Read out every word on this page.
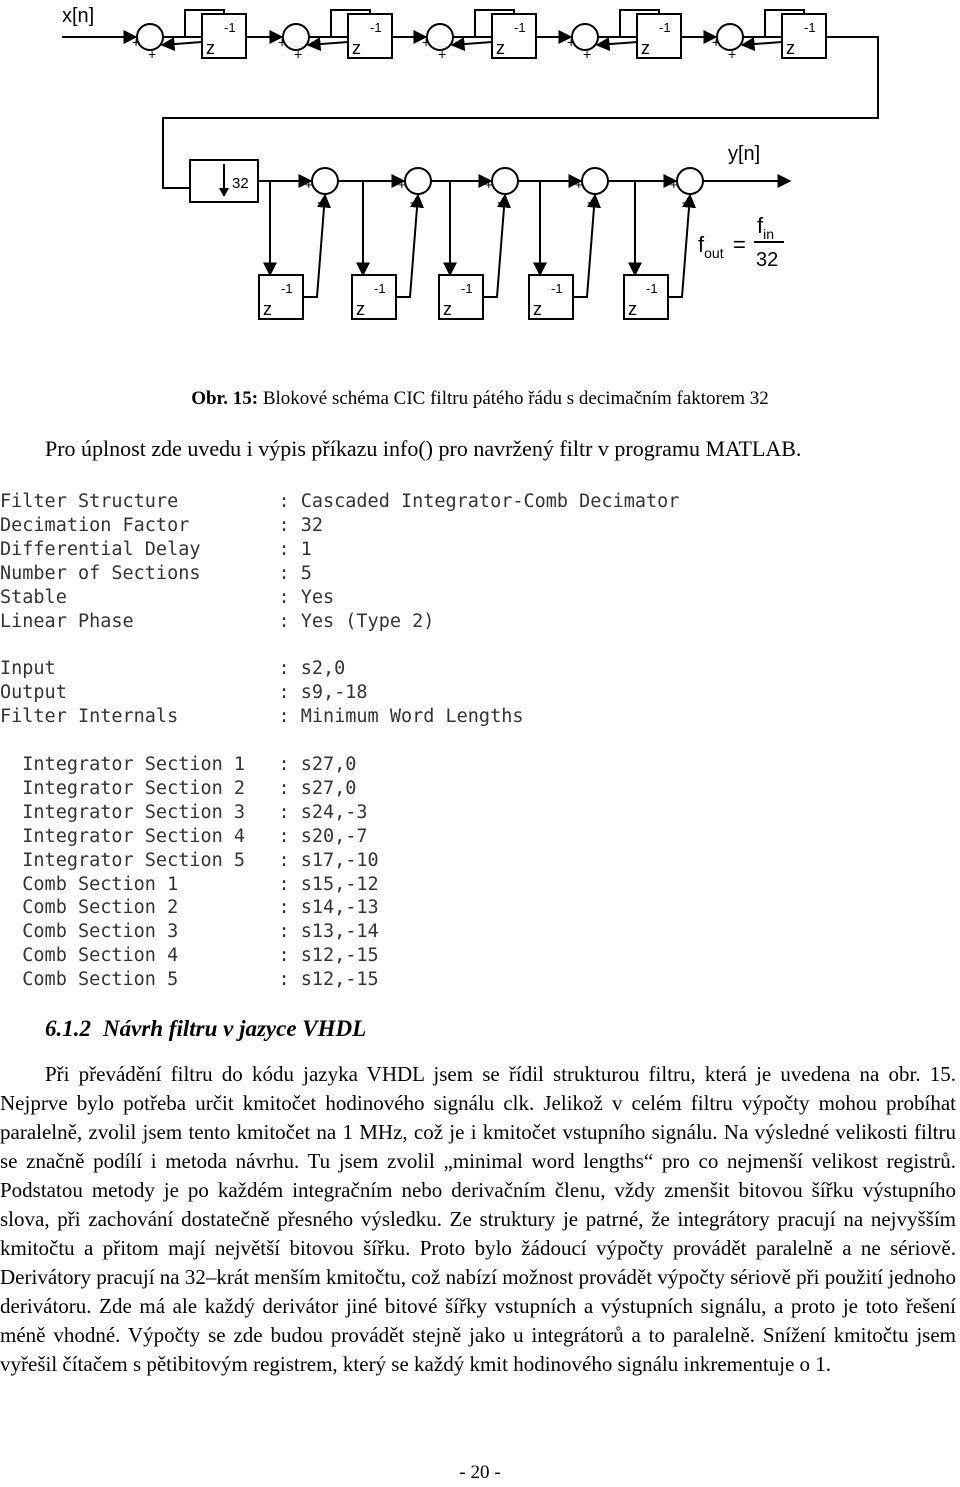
z
-1
+
+	z
-1
+
+	z
-1
+
+	z
-1
+
+	z
-1
+
+
32
z
-1
+
-
z
-1
+
-
z
-1
+
-
z
-1
+
-
z
-1
+
-
x[n]
y[n]
$f_{out}$ =
$f_{in}$
32
Obr. 15: Blokové schéma CIC filtru pátého řádu s decimačním faktorem 32
Pro úplnost zde uvedu i výpis příkazu info() pro navržený filtr v programu MATLAB.
Filter Structure         : Cascaded Integrator-Comb Decimator
Decimation Factor        : 32
Differential Delay       : 1
Number of Sections       : 5
Stable                   : Yes
Linear Phase             : Yes (Type 2)

Input                    : s2,0
Output                   : s9,-18
Filter Internals         : Minimum Word Lengths

Integrator Section 1   : s27,0
Integrator Section 2   : s27,0
Integrator Section 3   : s24,-3
Integrator Section 4   : s20,-7
Integrator Section 5   : s17,-10
Comb Section 1         : s15,-12
Comb Section 2         : s14,-13
Comb Section 3         : s13,-14
Comb Section 4         : s12,-15
Comb Section 5         : s12,-15
6.1.2 Návrh filtru v jazyce VHDL

Při převádění filtru do kódu jazyka VHDL jsem se řídil strukturou filtru, která je uvedena na obr. 15. Nejprve bylo potřeba určit kmitočet hodinového signálu clk. Jelikož v celém filtru výpočty mohou probíhat paralelně, zvolil jsem tento kmitočet na 1 MHz, což je i kmitočet vstupního signálu. Na výsledné velikosti filtru se značně podílí i metoda návrhu. Tu jsem zvolil „minimal word lengths“ pro co nejmenší velikost registrů. Podstatou metody je po každém integračním nebo derivačním členu, vždy zmenšit bitovou šířku výstupního slova, při zachování dostatečně přesného výsledku. Ze struktury je patrné, že integrátory pracují na nejvyšším kmitočtu a přitom mají největší bitovou šířku. Proto bylo žádoucí výpočty provádět paralelně a ne sériově. Derivátory pracují na 32–krát menším kmitočtu, což nabízí možnost provádět výpočty sériově při použití jednoho derivátoru. Zde má ale každý derivátor jiné bitové šířky vstupních a výstupních signálu, a proto je toto řešení méně vhodné. Výpočty se zde budou provádět stejně jako u integrátorů a to paralelně. Snížení kmitočtu jsem vyřešil čítačem s pětibitovým registrem, který se každý kmit hodinového signálu inkrementuje o 1.

- 20 -
